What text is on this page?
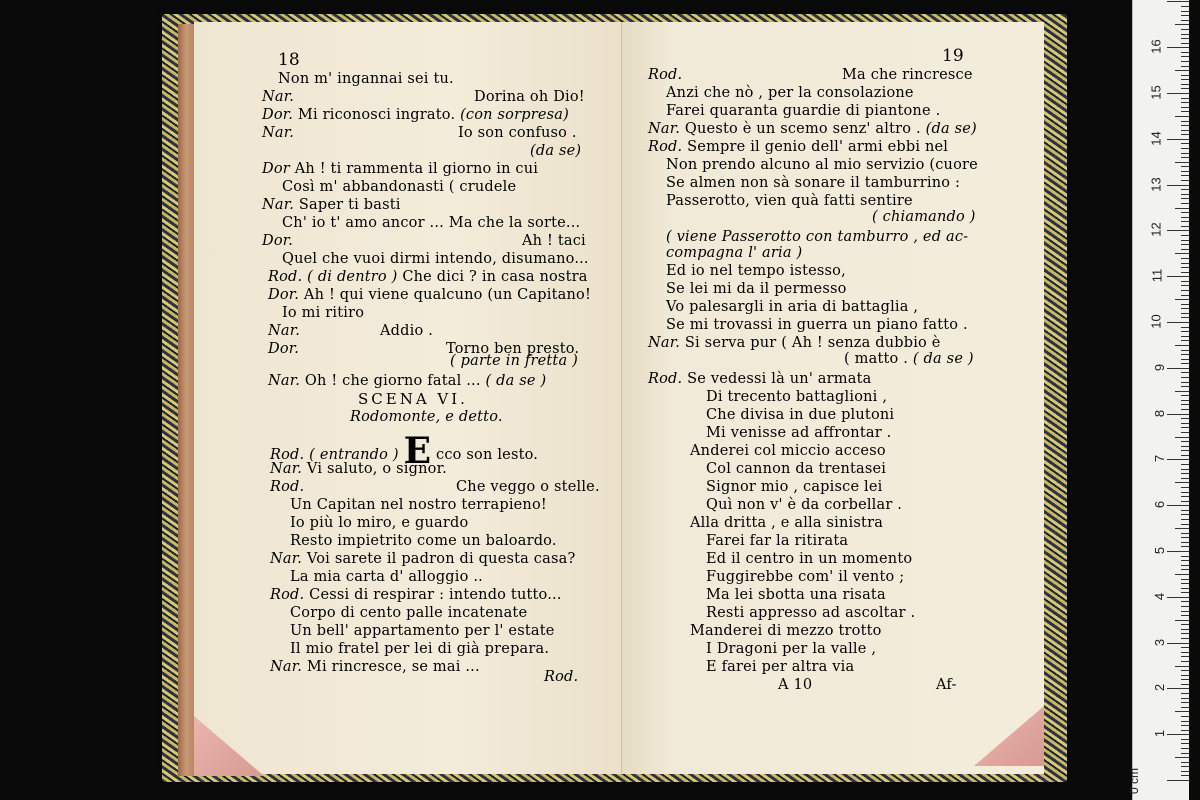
18
Non m' ingannai sei tu.
Nar.	Dorina oh Dio!
Dor. Mi riconosci ingrato. (con sorpresa)
Nar.	Io son confuso .
(da se)
Dor Ah ! ti rammenta il giorno in cui
Così m' abbandonasti ( crudele
Nar. Saper ti basti
Ch' io t' amo ancor ... Ma che la sorte...
Dor.	Ah ! taci
Quel che vuoi dirmi intendo, disumano...
Rod. ( di dentro ) Che dici ? in casa nostra
Dor. Ah ! qui viene qualcuno (un Capitano!
Io mi ritiro
Nar.	Addio .
Dor.	Torno ben presto.
( parte in fretta )
Nar. Oh ! che giorno fatal ... ( da se )
SCENA VI.
Rodomonte, e detto.
Rod. ( entrando ) E cco son lesto.
Nar. Vi saluto, o signor.
Rod.	Che veggo o stelle.
Un Capitan nel nostro terrapieno!
Io più lo miro, e guardo
Resto impietrito come un baloardo.
Nar. Voi sarete il padron di questa casa?
La mia carta d' alloggio ..
Rod. Cessi di respirar : intendo tutto...
Corpo di cento palle incatenate
Un bell' appartamento per l' estate
Il mio fratel per lei di già prepara.
Nar. Mi rincresce, se mai ...
Rod.
19
Rod.	Ma che rincresce
Anzi che nò , per la consolazione
Farei quaranta guardie di piantone .
Nar. Questo è un scemo senz' altro . (da se)
Rod. Sempre il genio dell' armi ebbi nel
Non prendo alcuno al mio servizio (cuore
Se almen non sà sonare il tamburrino :
Passerotto, vien quà fatti sentire
( chiamando )
( viene Passerotto con tamburro , ed ac-
compagna l' aria )
Ed io nel tempo istesso,
Se lei mi da il permesso
Vo palesargli in aria di battaglia ,
Se mi trovassi in guerra un piano fatto .
Nar. Si serva pur ( Ah ! senza dubbio è
( matto . ( da se )
Rod. Se vedessi là un' armata
Di trecento battaglioni ,
Che divisa in due plutoni
Mi venisse ad affrontar .
Anderei col miccio acceso
Col cannon da trentasei
Signor mio , capisce lei
Quì non v' è da corbellar .
Alla dritta , e alla sinistra
Farei far la ritirata
Ed il centro in un momento
Fuggirebbe com' il vento ;
Ma lei sbotta una risata
Resti appresso ad ascoltar .
Manderei di mezzo trotto
I Dragoni per la valle ,
E farei per altra via
A 10	Af-
16
15
14
13
12
11
10
9
8
7
6
5
4
3
2
1
0 cm
